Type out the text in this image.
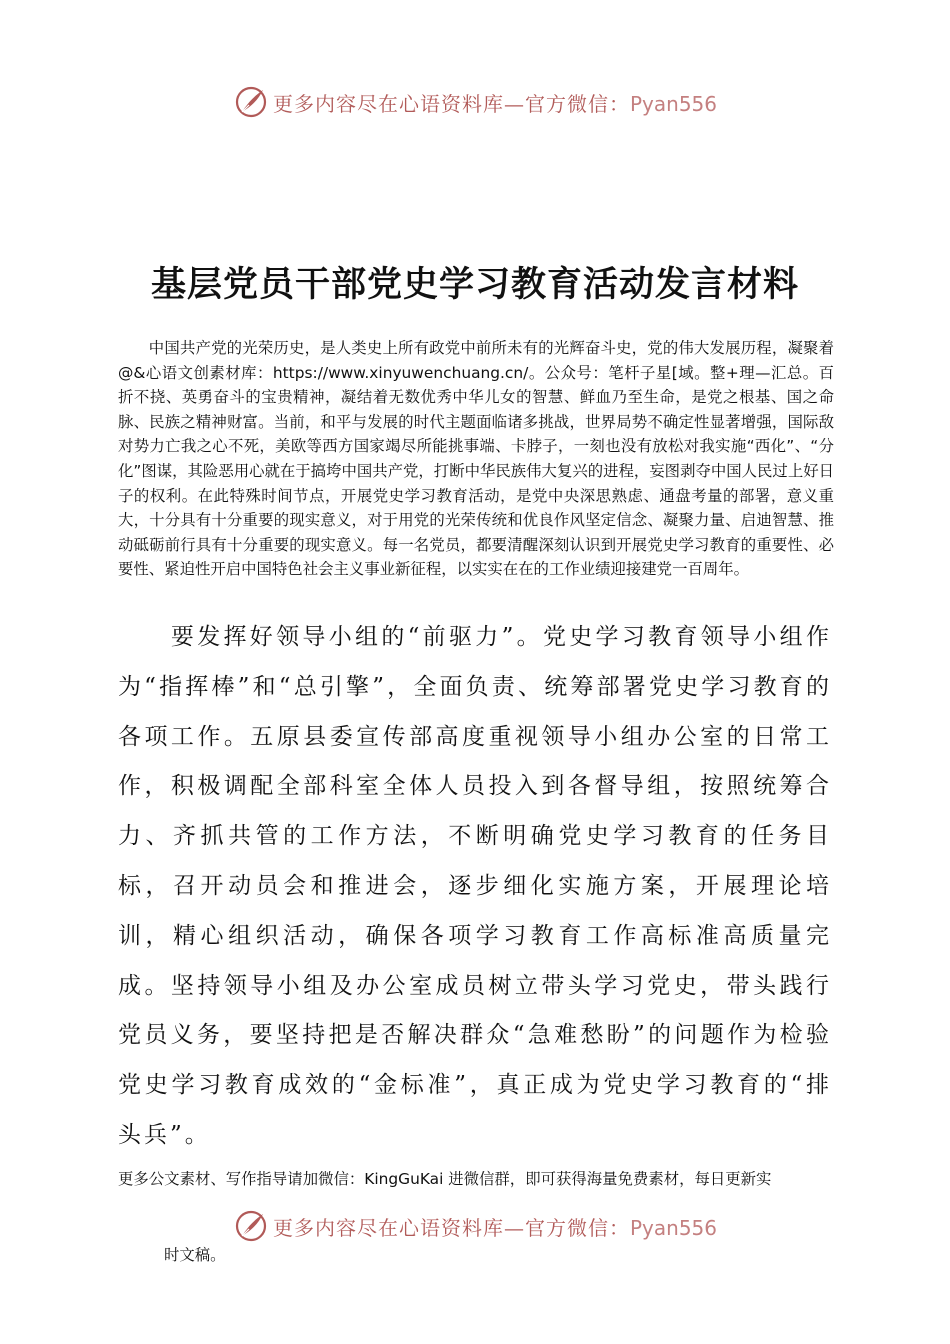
更多内容尽在心语资料库—官方微信：Pyan556
基层党员干部党史学习教育活动发言材料

中国共产党的光荣历史，是人类史上所有政党中前所未有的光辉奋斗史，党的伟大发展历程，凝聚着@&心语文创素材库：https://www.xinyuwenchuang.cn/。公众号：笔杆子星[域。整+理—汇总。百折不挠、英勇奋斗的宝贵精神，凝结着无数优秀中华儿女的智慧、鲜血乃至生命，是党之根基、国之命脉、民族之精神财富。当前，和平与发展的时代主题面临诸多挑战，世界局势不确定性显著增强，国际敌对势力亡我之心不死，美欧等西方国家竭尽所能挑事端、卡脖子，一刻也没有放松对我实施“西化”、“分化”图谋，其险恶用心就在于搞垮中国共产党，打断中华民族伟大复兴的进程，妄图剥夺中国人民过上好日子的权利。在此特殊时间节点，开展党史学习教育活动，是党中央深思熟虑、通盘考量的部署，意义重大，十分具有十分重要的现实意义，对于用党的光荣传统和优良作风坚定信念、凝聚力量、启迪智慧、推动砥砺前行具有十分重要的现实意义。每一名党员，都要清醒深刻认识到开展党史学习教育的重要性、必要性、紧迫性开启中国特色社会主义事业新征程，以实实在在的工作业绩迎接建党一百周年。

要发挥好领导小组的“前驱力”。党史学习教育领导小组作为“指挥棒”和“总引擎”，全面负责、统筹部署党史学习教育的各项工作。五原县委宣传部高度重视领导小组办公室的日常工作，积极调配全部科室全体人员投入到各督导组，按照统筹合力、齐抓共管的工作方法，不断明确党史学习教育的任务目标，召开动员会和推进会，逐步细化实施方案，开展理论培训，精心组织活动，确保各项学习教育工作高标准高质量完成。坚持领导小组及办公室成员树立带头学习党史，带头践行党员义务，要坚持把是否解决群众“急难愁盼”的问题作为检验党史学习教育成效的“金标准”，真正成为党史学习教育的“排头兵”。

更多公文素材、写作指导请加微信：KingGuKai 进微信群，即可获得海量免费素材，每日更新实

更多内容尽在心语资料库—官方微信：Pyan556

时文稿。
